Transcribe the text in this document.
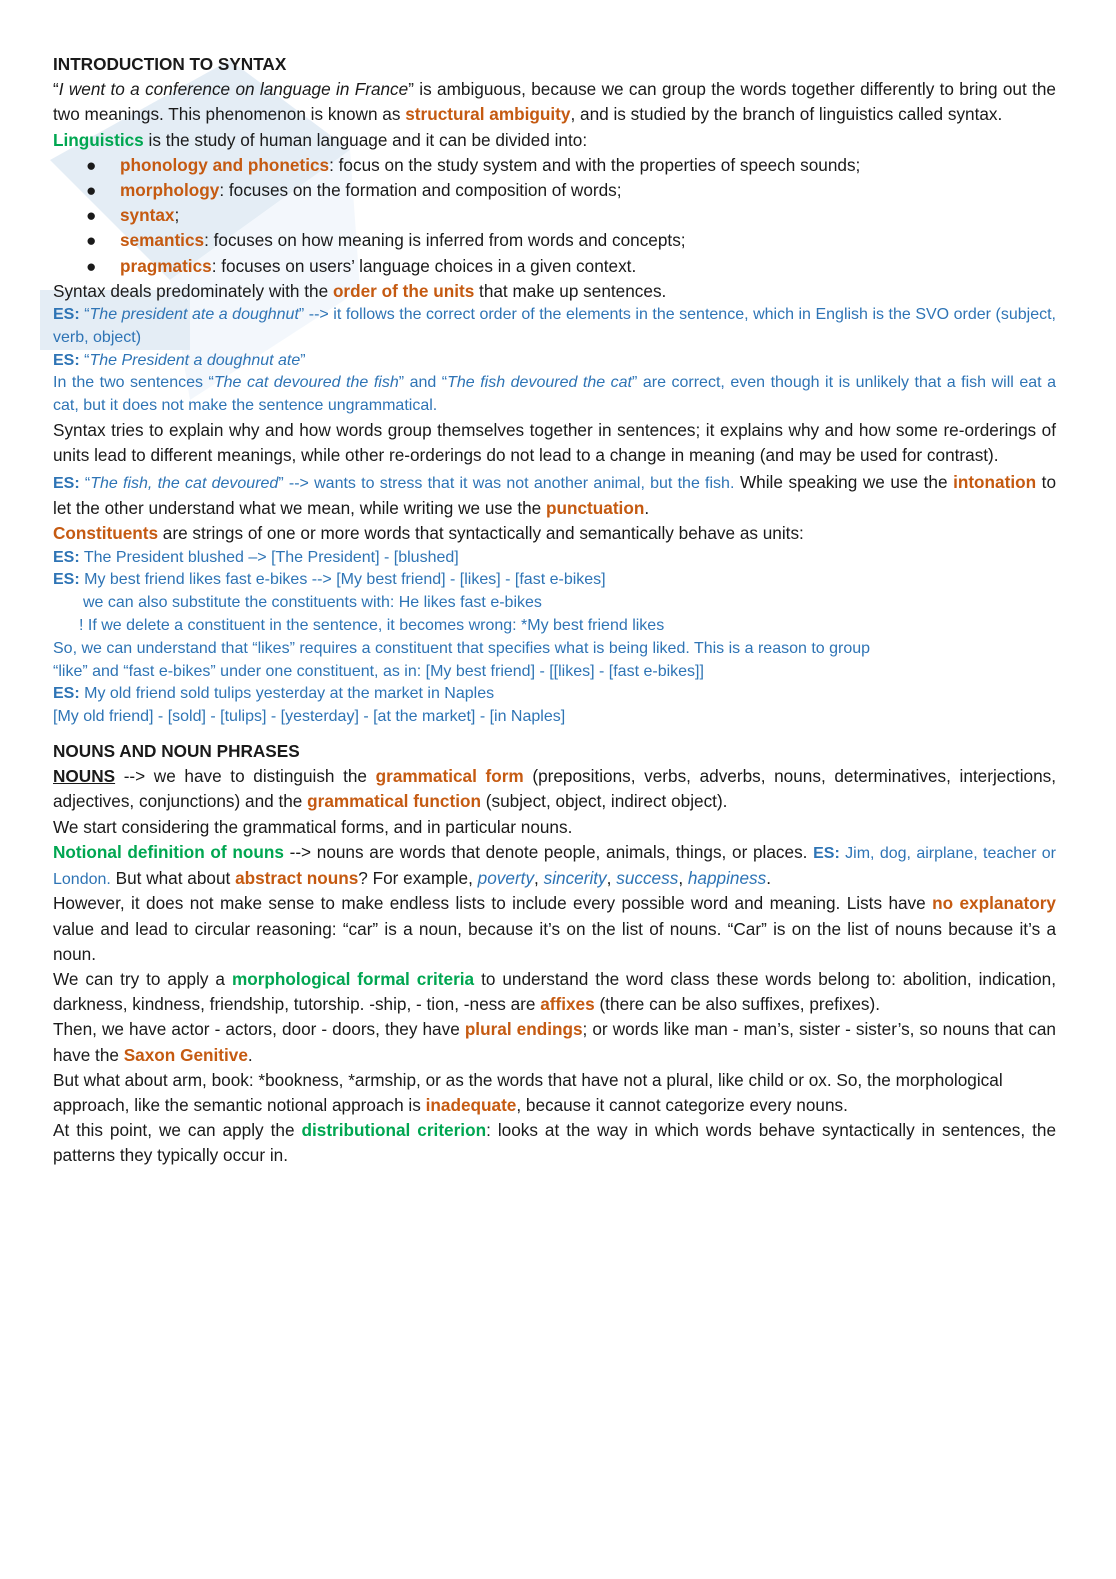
INTRODUCTION TO SYNTAX

“I went to a conference on language in France” is ambiguous, because we can group the words together differently to bring out the two meanings. This phenomenon is known as structural ambiguity, and is studied by the branch of linguistics called syntax.

Linguistics is the study of human language and it can be divided into:

● phonology and phonetics: focus on the study system and with the properties of speech sounds;
● morphology: focuses on the formation and composition of words;
● syntax;
● semantics: focuses on how meaning is inferred from words and concepts;
● pragmatics: focuses on users’ language choices in a given context.

Syntax deals predominately with the order of the units that make up sentences.

ES: “The president ate a doughnut” --> it follows the correct order of the elements in the sentence, which in English is the SVO order (subject, verb, object)

ES: “The President a doughnut ate”

In the two sentences “The cat devoured the fish” and “The fish devoured the cat” are correct, even though it is unlikely that a fish will eat a cat, but it does not make the sentence ungrammatical.

Syntax tries to explain why and how words group themselves together in sentences; it explains why and how some re-orderings of units lead to different meanings, while other re-orderings do not lead to a change in meaning (and may be used for contrast).

ES: “The fish, the cat devoured” --> wants to stress that it was not another animal, but the fish. While speaking we use the intonation to let the other understand what we mean, while writing we use the punctuation.

Constituents are strings of one or more words that syntactically and semantically behave as units:

ES: The President blushed –> [The President] - [blushed]
ES: My best friend likes fast e-bikes --> [My best friend] - [likes] - [fast e-bikes]
we can also substitute the constituents with: He likes fast e-bikes
! If we delete a constituent in the sentence, it becomes wrong: *My best friend likes
So, we can understand that “likes” requires a constituent that specifies what is being liked. This is a reason to group
“like” and “fast e-bikes” under one constituent, as in: [My best friend] - [[likes] - [fast e-bikes]]
ES: My old friend sold tulips yesterday at the market in Naples
[My old friend] - [sold] - [tulips] - [yesterday] - [at the market] - [in Naples]
NOUNS AND NOUN PHRASES

NOUNS --> we have to distinguish the grammatical form (prepositions, verbs, adverbs, nouns, determinatives, interjections, adjectives, conjunctions) and the grammatical function (subject, object, indirect object).

We start considering the grammatical forms, and in particular nouns.

Notional definition of nouns --> nouns are words that denote people, animals, things, or places. ES: Jim, dog, airplane, teacher or London. But what about abstract nouns? For example, poverty, sincerity, success, happiness.

However, it does not make sense to make endless lists to include every possible word and meaning. Lists have no explanatory value and lead to circular reasoning: “car” is a noun, because it’s on the list of nouns. “Car” is on the list of nouns because it’s a noun.

We can try to apply a morphological formal criteria to understand the word class these words belong to: abolition, indication, darkness, kindness, friendship, tutorship. -ship, - tion, -ness are affixes (there can be also suffixes, prefixes).

Then, we have actor - actors, door - doors, they have plural endings; or words like man - man’s, sister - sister’s, so nouns that can have the Saxon Genitive.

But what about arm, book: *bookness, *armship, or as the words that have not a plural, like child or ox. So, the morphological

approach, like the semantic notional approach is inadequate, because it cannot categorize every nouns.

At this point, we can apply the distributional criterion: looks at the way in which words behave syntactically in sentences, the patterns they typically occur in.
